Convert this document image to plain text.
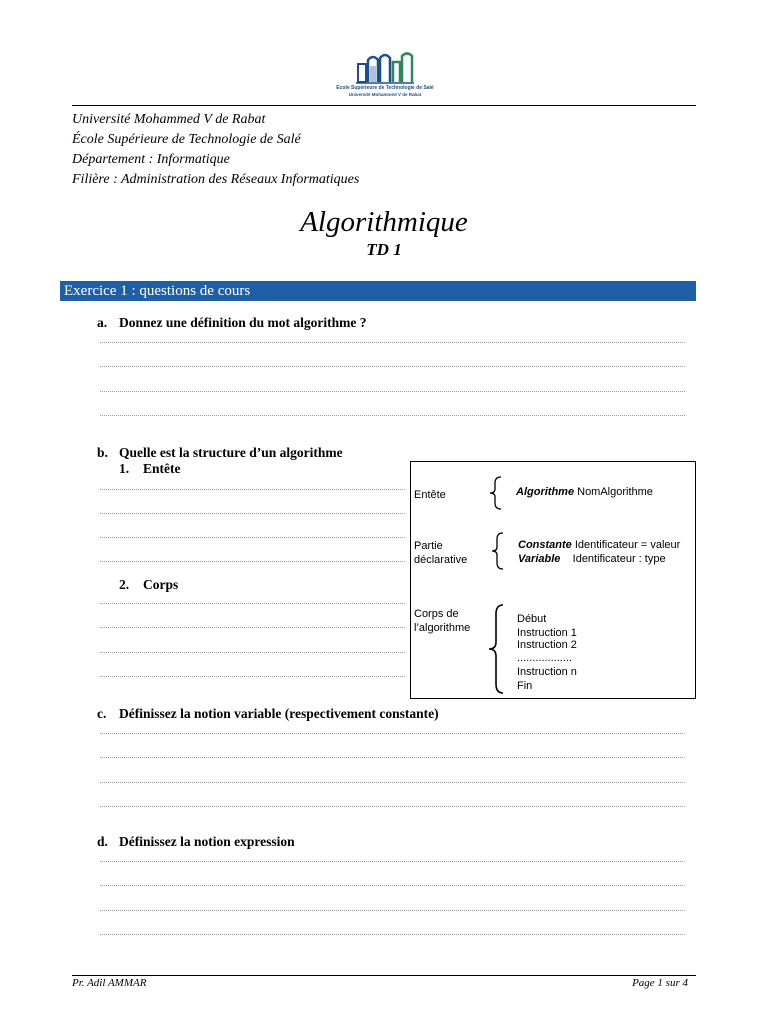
Ecole Supérieure de Technologie de Salé
Université Mohammed V de Rabat
Université Mohammed V de Rabat
École Supérieure de Technologie de Salé
Département : Informatique
Filière : Administration des Réseaux Informatiques
Algorithmique
TD 1
Exercice 1 : questions de cours
a. Donnez une définition du mot algorithme ?
b. Quelle est la structure d’un algorithme
1. Entête
2. Corps
Entête	Algorithme NomAlgorithme
Partie
déclarative
Constante Identificateur = valeur
Variable Identificateur : type
Corps de
l’algorithme
Début
Instruction 1
Instruction 2
..................
Instruction n
Fin
c. Définissez la notion variable (respectivement constante)
d. Définissez la notion expression
Pr. Adil AMMAR	Page 1 sur 4
